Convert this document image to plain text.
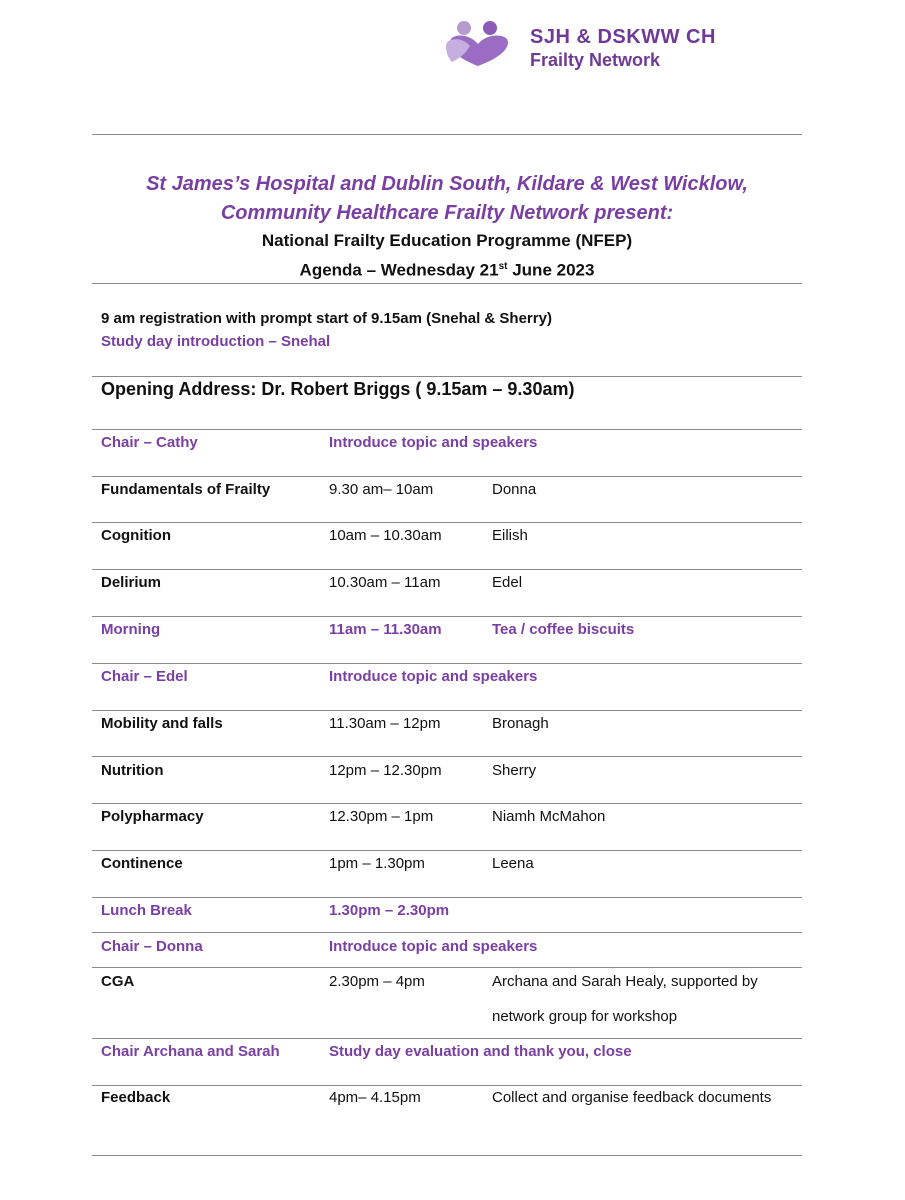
SJH & DSKWW CH
Frailty Network
St James’s Hospital and Dublin South, Kildare & West Wicklow,
Community Healthcare Frailty Network present:
National Frailty Education Programme (NFEP)
Agenda – Wednesday 21st June 2023
9 am registration with prompt start of 9.15am (Snehal & Sherry)
Study day introduction – Snehal
Opening Address: Dr. Robert Briggs ( 9.15am – 9.30am)
Chair – Cathy	Introduce topic and speakers
Fundamentals of Frailty	9.30 am– 10am	Donna
Cognition	10am – 10.30am	Eilish
Delirium	10.30am – 11am	Edel
Morning	11am – 11.30am	Tea / coffee biscuits
Chair – Edel	Introduce topic and speakers
Mobility and falls	11.30am – 12pm	Bronagh
Nutrition	12pm – 12.30pm	Sherry
Polypharmacy	12.30pm – 1pm	Niamh McMahon
Continence	1pm – 1.30pm	Leena
Lunch Break	1.30pm – 2.30pm
Chair – Donna	Introduce topic and speakers
CGA	2.30pm – 4pm	Archana and Sarah Healy, supported by network group for workshop
Chair Archana and Sarah	Study day evaluation and thank you, close
Feedback	4pm– 4.15pm	Collect and organise feedback documents
